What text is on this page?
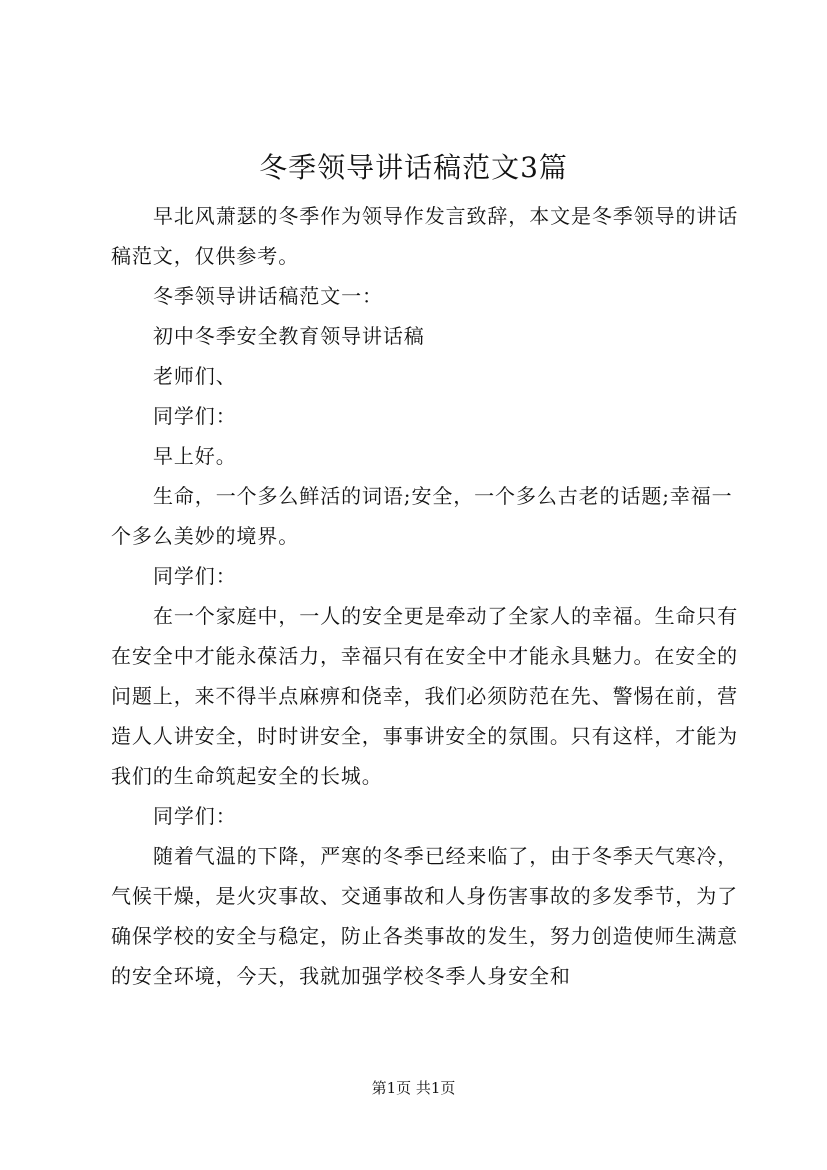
冬季领导讲话稿范文3篇

早北风萧瑟的冬季作为领导作发言致辞，本文是冬季领导的讲话稿范文，仅供参考。

冬季领导讲话稿范文一：

初中冬季安全教育领导讲话稿

老师们、

同学们：

早上好。

生命，一个多么鲜活的词语;安全，一个多么古老的话题;幸福一个多么美妙的境界。

同学们：

在一个家庭中，一人的安全更是牵动了全家人的幸福。生命只有在安全中才能永葆活力，幸福只有在安全中才能永具魅力。在安全的问题上，来不得半点麻痹和侥幸，我们必须防范在先、警惕在前，营造人人讲安全，时时讲安全，事事讲安全的氛围。只有这样，才能为我们的生命筑起安全的长城。

同学们：

随着气温的下降，严寒的冬季已经来临了，由于冬季天气寒冷，气候干燥，是火灾事故、交通事故和人身伤害事故的多发季节，为了确保学校的安全与稳定，防止各类事故的发生，努力创造使师生满意的安全环境，今天，我就加强学校冬季人身安全和

第1页 共1页
